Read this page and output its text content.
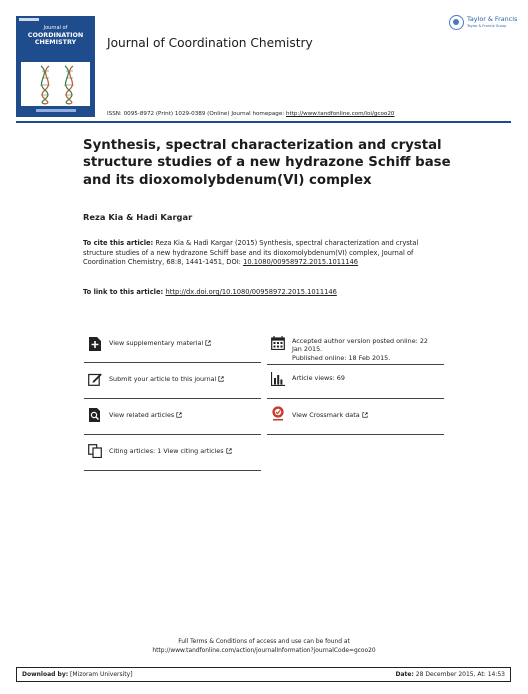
Journal of
COORDINATION
CHEMISTRY	Journal of Coordination Chemistry
Taylor & Francis
Taylor & Francis Group
ISSN: 0095-8972 (Print) 1029-0389 (Online) Journal homepage: http://www.tandfonline.com/loi/gcoo20
Synthesis, spectral characterization and crystal structure studies of a new hydrazone Schiff base and its dioxomolybdenum(VI) complex
Reza Kia & Hadi Kargar
To cite this article: Reza Kia & Hadi Kargar (2015) Synthesis, spectral characterization and crystal structure studies of a new hydrazone Schiff base and its dioxomolybdenum(VI) complex, Journal of Coordination Chemistry, 68:8, 1441-1451, DOI: 10.1080/00958972.2015.1011146
To link to this article: http://dx.doi.org/10.1080/00958972.2015.1011146
View supplementary material	Accepted author version posted online: 22
Jan 2015.
Published online: 18 Feb 2015.
Submit your article to this journal	Article views: 69
View related articles	View Crossmark data
Citing articles: 1 View citing articles
Full Terms & Conditions of access and use can be found at
http://www.tandfonline.com/action/journalInformation?journalCode=gcoo20
Download by: [Mizoram University]	Date: 28 December 2015, At: 14:53
